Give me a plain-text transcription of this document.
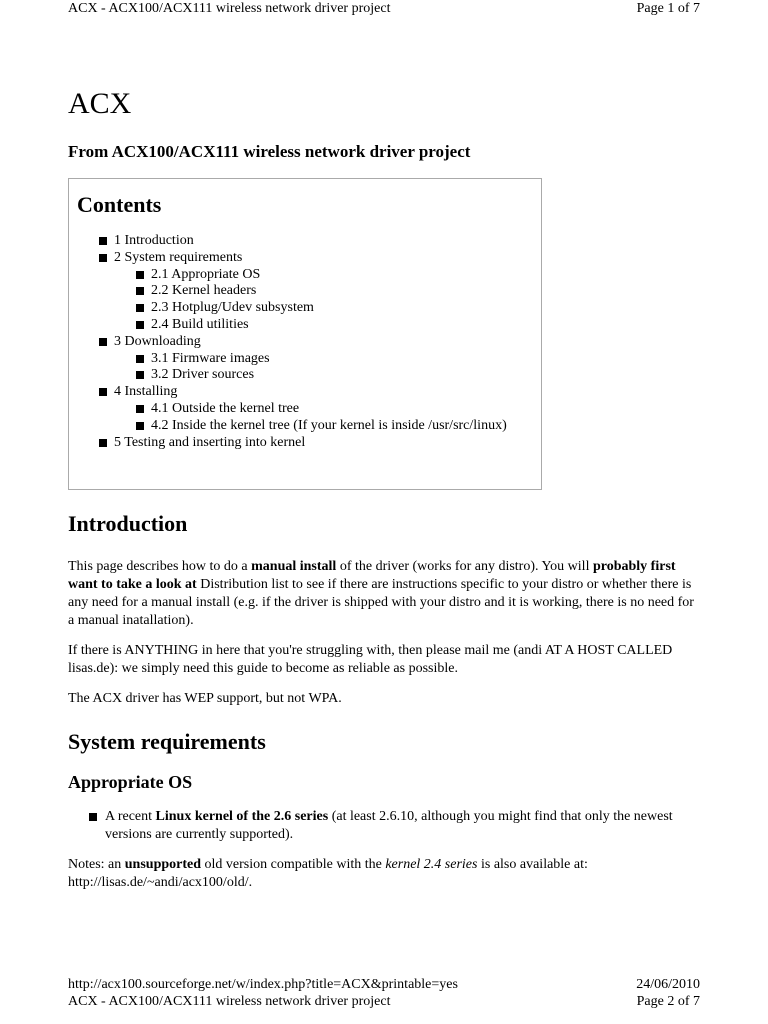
ACX - ACX100/ACX111 wireless network driver project	Page 1 of 7
ACX
From ACX100/ACX111 wireless network driver project
Contents
1 Introduction
2 System requirements
2.1 Appropriate OS
2.2 Kernel headers
2.3 Hotplug/Udev subsystem
2.4 Build utilities
3 Downloading
3.1 Firmware images
3.2 Driver sources
4 Installing
4.1 Outside the kernel tree
4.2 Inside the kernel tree (If your kernel is inside /usr/src/linux)
5 Testing and inserting into kernel
Introduction

This page describes how to do a manual install of the driver (works for any distro). You will probably first want to take a look at Distribution list to see if there are instructions specific to your distro or whether there is any need for a manual install (e.g. if the driver is shipped with your distro and it is working, there is no need for a manual inatallation).

If there is ANYTHING in here that you're struggling with, then please mail me (andi AT A HOST CALLED lisas.de): we simply need this guide to become as reliable as possible.

The ACX driver has WEP support, but not WPA.

System requirements
Appropriate OS
A recent Linux kernel of the 2.6 series (at least 2.6.10, although you might find that only the newest versions are currently supported).

Notes: an unsupported old version compatible with the kernel 2.4 series is also available at: http://lisas.de/~andi/acx100/old/.

http://acx100.sourceforge.net/w/index.php?title=ACX&printable=yes	24/06/2010
ACX - ACX100/ACX111 wireless network driver project	Page 2 of 7
